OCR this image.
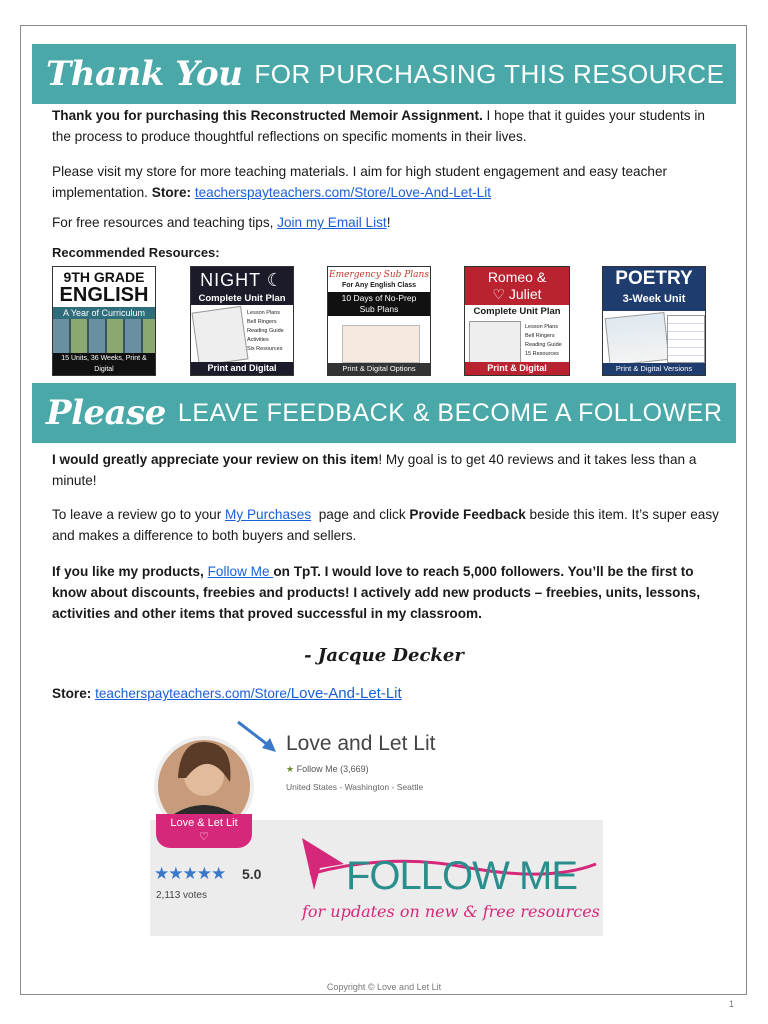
Thank You FOR PURCHASING THIS RESOURCE
Thank you for purchasing this Reconstructed Memoir Assignment. I hope that it guides your students in the process to produce thoughtful reflections on specific moments in their lives.
Please visit my store for more teaching materials. I aim for high student engagement and easy teacher implementation. Store: teacherspayteachers.com/Store/Love-And-Let-Lit
For free resources and teaching tips, Join my Email List!
Recommended Resources:
9TH GRADE
ENGLISH
A Year of Curriculum
15 Units, 36 Weeks, Print & Digital
NIGHT ☾
Complete Unit Plan
Lesson Plans
Bell Ringers
Reading Guide
Activities
Six Resources
Print and Digital
Emergency Sub Plans
For Any English Class
10 Days of No-Prep
Sub Plans
Print & Digital Options
Romeo &
♡ Juliet
Complete Unit Plan
Lesson Plans
Bell Ringers
Reading Guide
15 Resources
Print & Digital
POETRY
3-Week Unit
Print & Digital Versions
Please LEAVE FEEDBACK & BECOME A FOLLOWER
I would greatly appreciate your review on this item! My goal is to get 40 reviews and it takes less than a minute!
To leave a review go to your My Purchases  page and click Provide Feedback beside this item. It’s super easy and makes a difference to both buyers and sellers.
If you like my products, Follow Me on TpT. I would love to reach 5,000 followers. You’ll be the first to know about discounts, freebies and products! I actively add new products – freebies, units, lessons, activities and other items that proved successful in my classroom.
- Jacque Decker
Store: teacherspayteachers.com/Store/Love-And-Let-Lit
Love & Let Lit
♡
Love and Let Lit
★ Follow Me (3,669)
United States - Washington - Seattle
★★★★★ 5.0
2,113 votes	FOLLOW ME
for updates on new & free resources
Copyright © Love and Let Lit
1
